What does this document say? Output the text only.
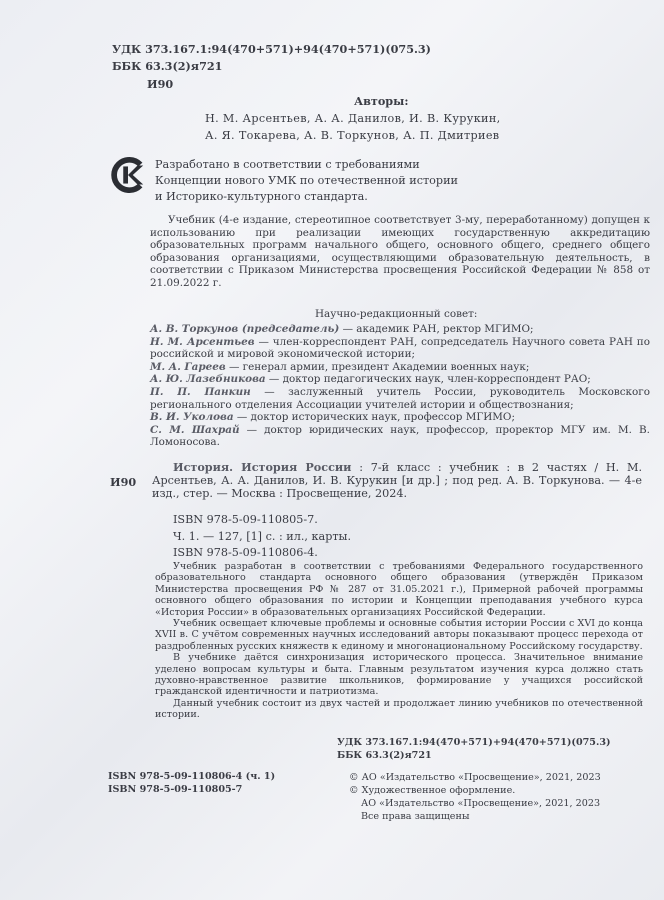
УДК 373.167.1:94(470+571)+94(470+571)(075.3)
ББК 63.3(2)я721
И90
Авторы:
Н. М. Арсентьев, А. А. Данилов, И. В. Курукин,
А. Я. Токарева, А. В. Торкунов, А. П. Дмитриев
Разработано в соответствии с требованиями
Концепции нового УМК по отечественной истории
и Историко-культурного стандарта.
Учебник (4-е издание, стереотипное соответствует 3-му, переработанному) допущен к использованию при реализации имеющих государственную аккредитацию образовательных программ начального общего, основного общего, среднего общего образования организациями, осуществляющими образовательную деятельность, в соответствии с Приказом Министерства просвещения Российской Федерации № 858 от 21.09.2022 г.
Научно-редакционный совет:
А. В. Торкунов (председатель) — академик РАН, ректор МГИМО;
Н. М. Арсентьев — член-корреспондент РАН, сопредседатель Научного совета РАН по российской и мировой экономической истории;
М. А. Гареев — генерал армии, президент Академии военных наук;
А. Ю. Лазебникова — доктор педагогических наук, член-корреспондент РАО;
П. П. Панкин — заслуженный учитель России, руководитель Московского регионального отделения Ассоциации учителей истории и обществознания;
В. И. Уколова — доктор исторических наук, профессор МГИМО;
С. М. Шахрай — доктор юридических наук, профессор, проректор МГУ им. М. В. Ломоносова.
И90
История. История России : 7-й класс : учебник : в 2 частях / Н. М. Арсентьев, А. А. Данилов, И. В. Курукин [и др.] ; под ред. А. В. Торкунова. — 4-е изд., стер. — Москва : Просвещение, 2024.
ISBN 978-5-09-110805-7.
Ч. 1. — 127, [1] с. : ил., карты.
ISBN 978-5-09-110806-4.
Учебник разработан в соответствии с требованиями Федерального государственного образовательного стандарта основного общего образования (утверждён Приказом Министерства просвещения РФ № 287 от 31.05.2021 г.), Примерной рабочей программы основного общего образования по истории и Концепции преподавания учебного курса «История России» в образовательных организациях Российской Федерации.
Учебник освещает ключевые проблемы и основные события истории России с XVI до конца XVII в. С учётом современных научных исследований авторы показывают процесс перехода от раздробленных русских княжеств к единому и многонациональному Российскому государству.
В учебнике даётся синхронизация исторического процесса. Значительное внимание уделено вопросам культуры и быта. Главным результатом изучения курса должно стать духовно-нравственное развитие школьников, формирование у учащихся российской гражданской идентичности и патриотизма.
Данный учебник состоит из двух частей и продолжает линию учебников по отечественной истории.
УДК 373.167.1:94(470+571)+94(470+571)(075.3)
ББК 63.3(2)я721
ISBN 978-5-09-110806-4 (ч. 1)
ISBN 978-5-09-110805-7
© АО «Издательство «Просвещение», 2021, 2023
© Художественное оформление.
АО «Издательство «Просвещение», 2021, 2023
Все права защищены
